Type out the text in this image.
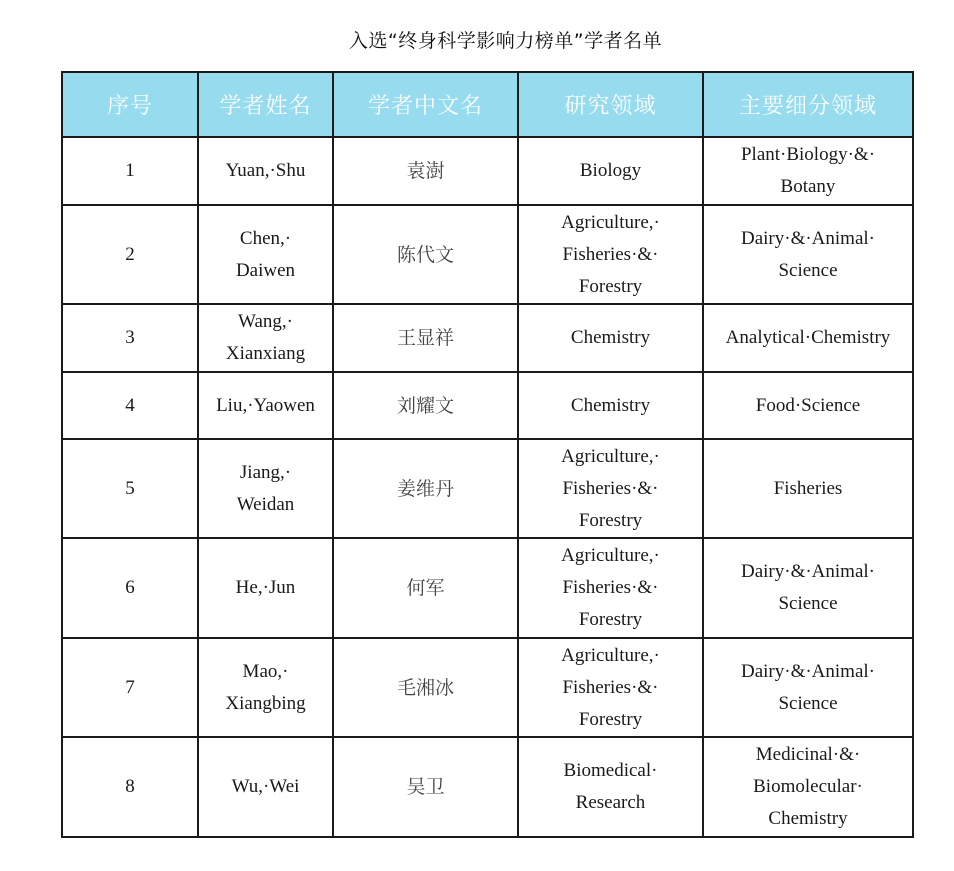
入选“终身科学影响力榜单”学者名单
序号	学者姓名	学者中文名	研究领域	主要细分领域
1	Yuan,·Shu	袁澍	Biology	Plant·Biology·&·
Botany

2	Chen,·
Daiwen	陈代文	Agriculture,·
Fisheries·&·
Forestry	Dairy·&·Animal·
Science

3	Wang,·
Xianxiang	王显祥	Chemistry	Analytical·Chemistry

4	Liu,·Yaowen	刘耀文	Chemistry	Food·Science

5	Jiang,·
Weidan	姜维丹	Agriculture,·
Fisheries·&·
Forestry	Fisheries

6	He,·Jun	何军	Agriculture,·
Fisheries·&·
Forestry	Dairy·&·Animal·
Science

7	Mao,·
Xiangbing	毛湘冰	Agriculture,·
Fisheries·&·
Forestry	Dairy·&·Animal·
Science

8	Wu,·Wei	吴卫	Biomedical·
Research	Medicinal·&·
Biomolecular·
Chemistry
